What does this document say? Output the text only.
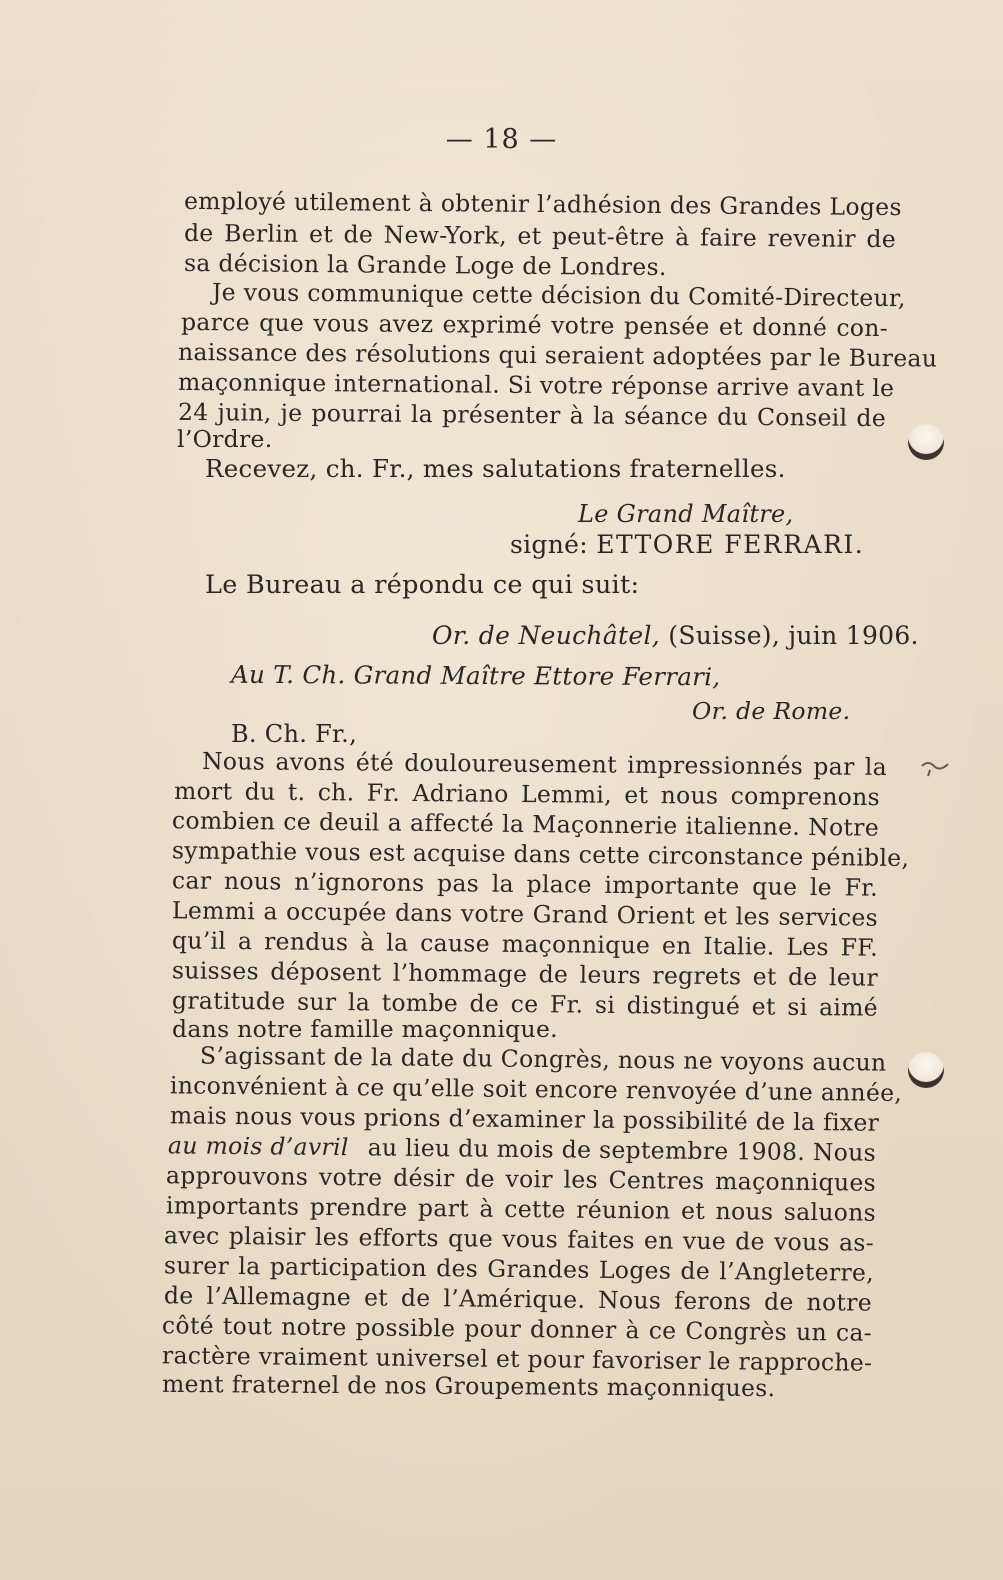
— 18 —
employé utilement à obtenir l’adhésion des Grandes Loges
de Berlin et de New-York, et peut-être à faire revenir de
sa décision la Grande Loge de Londres.
Je vous communique cette décision du Comité-Directeur,
parce que vous avez exprimé votre pensée et donné con-
naissance des résolutions qui seraient adoptées par le Bureau
maçonnique international. Si votre réponse arrive avant le
24 juin, je pourrai la présenter à la séance du Conseil de
l’Ordre.
Recevez, ch. Fr., mes salutations fraternelles.
Le Grand Maître,
signé: ETTORE FERRARI.
Le Bureau a répondu ce qui suit:
Or. de Neuchâtel, (Suisse), juin 1906.
Au T. Ch. Grand Maître Ettore Ferrari,
Or. de Rome.
B. Ch. Fr.,
Nous avons été douloureusement impressionnés par la
mort du t. ch. Fr. Adriano Lemmi, et nous comprenons
combien ce deuil a affecté la Maçonnerie italienne. Notre
sympathie vous est acquise dans cette circonstance pénible,
car nous n’ignorons pas la place importante que le Fr.
Lemmi a occupée dans votre Grand Orient et les services
qu’il a rendus à la cause maçonnique en Italie. Les FF.
suisses déposent l’hommage de leurs regrets et de leur
gratitude sur la tombe de ce Fr. si distingué et si aimé
dans notre famille maçonnique.
S’agissant de la date du Congrès, nous ne voyons aucun
inconvénient à ce qu’elle soit encore renvoyée d’une année,
mais nous vous prions d’examiner la possibilité de la fixer
au mois d’avril au lieu du mois de septembre 1908. Nous
approuvons votre désir de voir les Centres maçonniques
importants prendre part à cette réunion et nous saluons
avec plaisir les efforts que vous faites en vue de vous as-
surer la participation des Grandes Loges de l’Angleterre,
de l’Allemagne et de l’Amérique. Nous ferons de notre
côté tout notre possible pour donner à ce Congrès un ca-
ractère vraiment universel et pour favoriser le rapproche-
ment fraternel de nos Groupements maçonniques.
